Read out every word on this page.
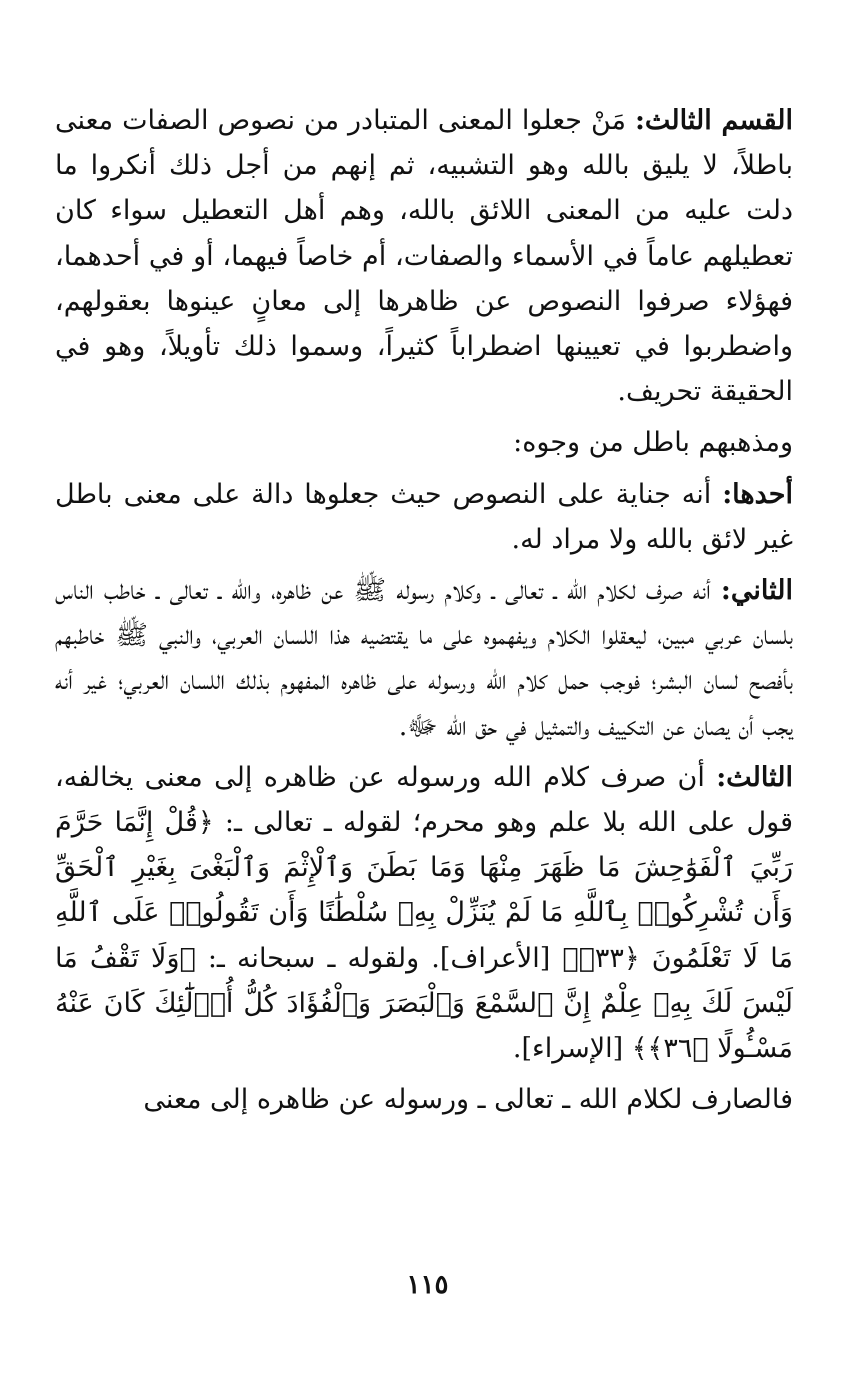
القسم الثالث: مَنْ جعلوا المعنى المتبادر من نصوص الصفات معنى باطلاً، لا يليق بالله وهو التشبيه، ثم إنهم من أجل ذلك أنكروا ما دلت عليه من المعنى اللائق بالله، وهم أهل التعطيل سواء كان تعطيلهم عاماً في الأسماء والصفات، أم خاصاً فيهما، أو في أحدهما، فهؤلاء صرفوا النصوص عن ظاهرها إلى معانٍ عينوها بعقولهم، واضطربوا في تعيينها اضطراباً كثيراً، وسموا ذلك تأويلاً، وهو في الحقيقة تحريف.

ومذهبهم باطل من وجوه:

أحدها: أنه جناية على النصوص حيث جعلوها دالة على معنى باطل غير لائق بالله ولا مراد له.

الثاني: أنه صرف لكلام الله ـ تعالى ـ وكلام رسوله ﷺ عن ظاهره، والله ـ تعالى ـ خاطب الناس بلسان عربي مبين، ليعقلوا الكلام ويفهموه على ما يقتضيه هذا اللسان العربي، والنبي ﷺ خاطبهم بأفصح لسان البشر؛ فوجب حمل كلام الله ورسوله على ظاهره المفهوم بذلك اللسان العربي؛ غير أنه يجب أن يصان عن التكييف والتمثيل في حق الله ﷻ.

الثالث: أن صرف كلام الله ورسوله عن ظاهره إلى معنى يخالفه، قول على الله بلا علم وهو محرم؛ لقوله ـ تعالى ـ: ﴿قُلْ إِنَّمَا حَرَّمَ رَبِّيَ ٱلْفَوَٰحِشَ مَا ظَهَرَ مِنْهَا وَمَا بَطَنَ وَٱلْإِثْمَ وَٱلْبَغْىَ بِغَيْرِ ٱلْحَقِّ وَأَن تُشْرِكُوا۟ بِٱللَّهِ مَا لَمْ يُنَزِّلْ بِهِۦ سُلْطَٰنًا وَأَن تَقُولُوا۟ عَلَى ٱللَّهِ مَا لَا تَعْلَمُونَ ﴿٣٣﴾﴾ [الأعراف]. ولقوله ـ سبحانه ـ: ﴿وَلَا تَقْفُ مَا لَيْسَ لَكَ بِهِۦ عِلْمٌ إِنَّ ٱلسَّمْعَ وَٱلْبَصَرَ وَٱلْفُؤَادَ كُلُّ أُو۟لَٰٓئِكَ كَانَ عَنْهُ مَسْـُٔولًا ﴿٣٦﴾﴾ [الإسراء].

فالصارف لكلام الله ـ تعالى ـ ورسوله عن ظاهره إلى معنى

١١٥
